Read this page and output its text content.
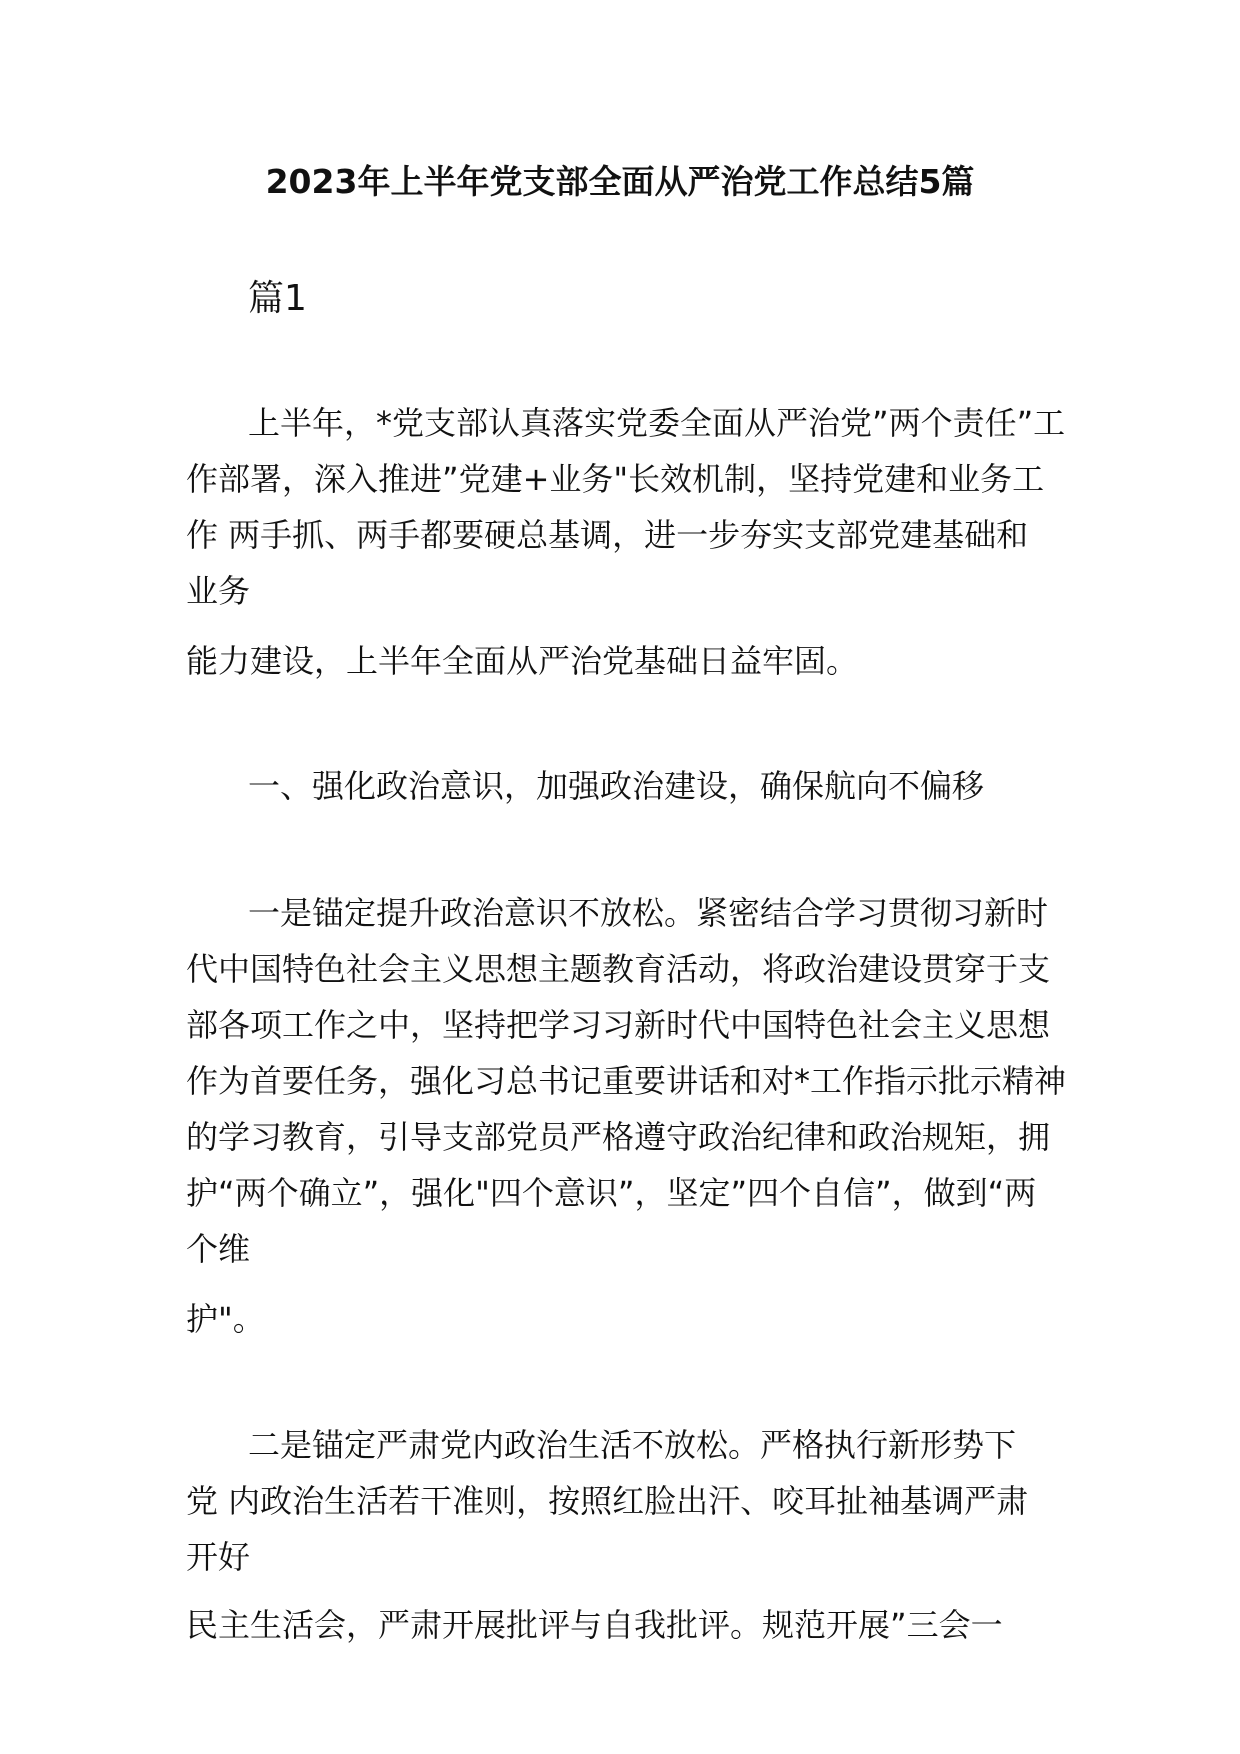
2023年上半年党支部全面从严治党工作总结5篇
篇1
上半年，*党支部认真落实党委全面从严治党”两个责任”工
作部署，深入推进”党建+业务"长效机制，坚持党建和业务工
作 两手抓、两手都要硬总基调，进一步夯实支部党建基础和
业务
能力建设，上半年全面从严治党基础日益牢固。
一、强化政治意识，加强政治建设，确保航向不偏移
一是锚定提升政治意识不放松。紧密结合学习贯彻习新时
代中国特色社会主义思想主题教育活动，将政治建设贯穿于支
部各项工作之中，坚持把学习习新时代中国特色社会主义思想
作为首要任务，强化习总书记重要讲话和对*工作指示批示精神
的学习教育，引导支部党员严格遵守政治纪律和政治规矩，拥
护“两个确立”，强化"四个意识”，坚定”四个自信”，做到“两
个维
护"。
二是锚定严肃党内政治生活不放松。严格执行新形势下
党 内政治生活若干准则，按照红脸出汗、咬耳扯袖基调严肃
开好
民主生活会，严肃开展批评与自我批评。规范开展”三会一
